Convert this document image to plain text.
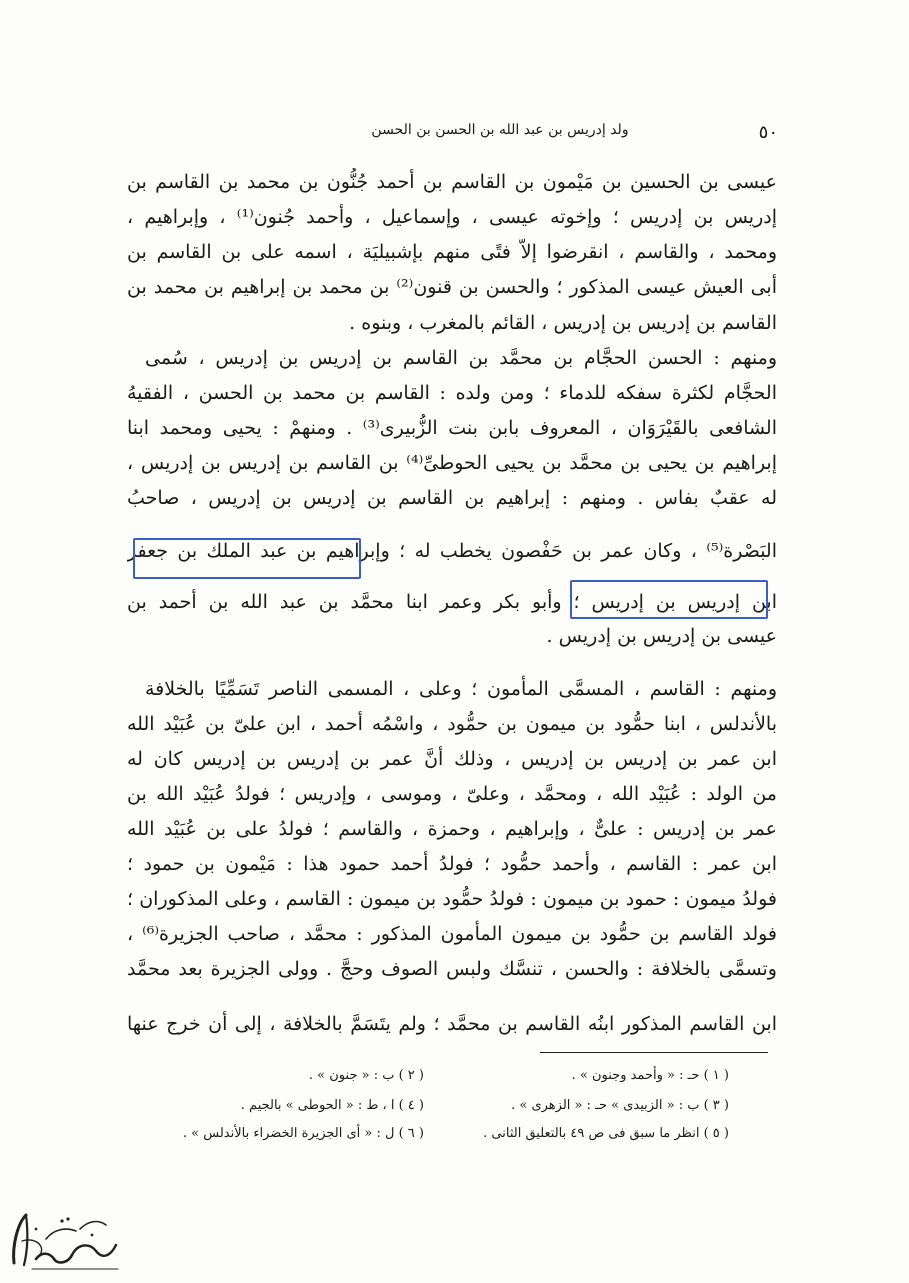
٥٠
ولد إدريس بن عبد الله بن الحسن بن الحسن
عيسى بن الحسين بن مَيْمون بن القاسم بن أحمد جُنُّون بن محمد بن القاسم بن
إدريس بن إدريس ؛ وإخوته عيسى ، وإسماعيل ، وأحمد جُنون⁽¹⁾ ، وإبراهيم ،
ومحمد ، والقاسم ، انقرضوا إلاَّ فتًى منهم بإشبيليَة ، اسمه على بن القاسم بن
أبى العيش عيسى المذكور ؛ والحسن بن قنون⁽²⁾ بن محمد بن إبراهيم بن محمد بن
القاسم بن إدريس بن إدريس ، القائم بالمغرب ، وبنوه .
ومنهم : الحسن الحجَّام بن محمَّد بن القاسم بن إدريس بن إدريس ، سُمى
الحجَّام لكثرة سفكه للدماء ؛ ومن ولده : القاسم بن محمد بن الحسن ، الفقيهُ
الشافعى بالقَيْرَوَان ، المعروف بابن بنت الزُّبيرى⁽³⁾ . ومنهمْ : يحيى ومحمد ابنا
إبراهيم بن يحيى بن محمَّد بن يحيى الحوطىِّ⁽⁴⁾ بن القاسم بن إدريس بن إدريس ،
له عقبٌ بفاس . ومنهم : إبراهيم بن القاسم بن إدريس بن إدريس ، صاحبُ
البَصْرة⁽⁵⁾ ، وكان عمر بن حَفْصون يخطب له ؛ وإبراهيم بن عبد الملك بن جعفر
ابن إدريس بن إدريس ؛ وأبو بكر وعمر ابنا محمَّد بن عبد الله بن أحمد بن
عيسى بن إدريس بن إدريس .
ومنهم : القاسم ، المسمَّى المأمون ؛ وعلى ، المسمى الناصر تَسَمِّيًا بالخلافة
بالأندلس ، ابنا حمُّود بن ميمون بن حمُّود ، واسْمُه أحمد ، ابن علىّ بن عُبَيْد الله
ابن عمر بن إدريس بن إدريس ، وذلك أنَّ عمر بن إدريس بن إدريس كان له
من الولد : عُبَيْد الله ، ومحمَّد ، وعلىّ ، وموسى ، وإدريس ؛ فولدُ عُبَيْد الله بن
عمر بن إدريس : علىٌّ ، وإبراهيم ، وحمزة ، والقاسم ؛ فولدُ على بن عُبَيْد الله
ابن عمر : القاسم ، وأحمد حمُّود ؛ فولدُ أحمد حمود هذا : مَيْمون بن حمود ؛
فولدُ ميمون : حمود بن ميمون : فولدُ حمُّود بن ميمون : القاسم ، وعلى المذكوران ؛
فولد القاسم بن حمُّود بن ميمون المأمون المذكور : محمَّد ، صاحب الجزيرة⁽⁶⁾ ،
وتسمَّى بالخلافة : والحسن ، تنسَّك ولبس الصوف وحجَّ . وولى الجزيرة بعد محمَّد
ابن القاسم المذكور ابنُه القاسم بن محمَّد ؛ ولم يتَسَمَّ بالخلافة ، إلى أن خرج عنها
( ١ ) حـ : « وأحمد وجنون » .
( ٢ ) ب : « جنون » .
( ٣ ) ب : « الزبيدى » حـ : « الزهرى » .
( ٤ ) ا ، ط : « الحوطى » بالجيم .
( ٥ ) انظر ما سبق فى ص ٤٩ بالتعليق الثانى .
( ٦ ) ل : « أى الجزيرة الخضراء بالأندلس » .
